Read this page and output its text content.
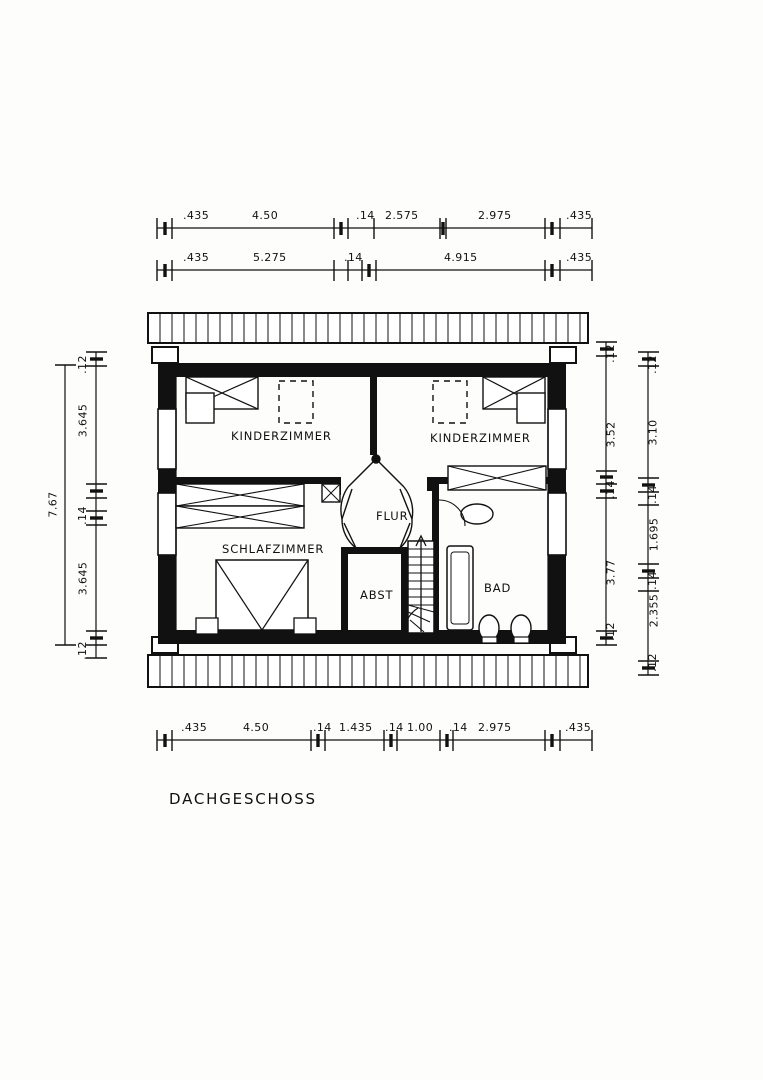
KINDERZIMMER	KINDERZIMMER
FLUR
SCHLAFZIMMER
ABST	BAD
.435	4.50	.14 2.575	2.975	.435
.435	5.275	.14	4.915	.435
.435	4.50	.14 1.435 .14 1.00 .14 2.975	.435
7.67
.12
3.645
.14
3.645
.12
.12
3.52
.14
3.77
.12
.12
.12
3.10
.14
1.695
.14
2.355
DACHGESCHOSS
